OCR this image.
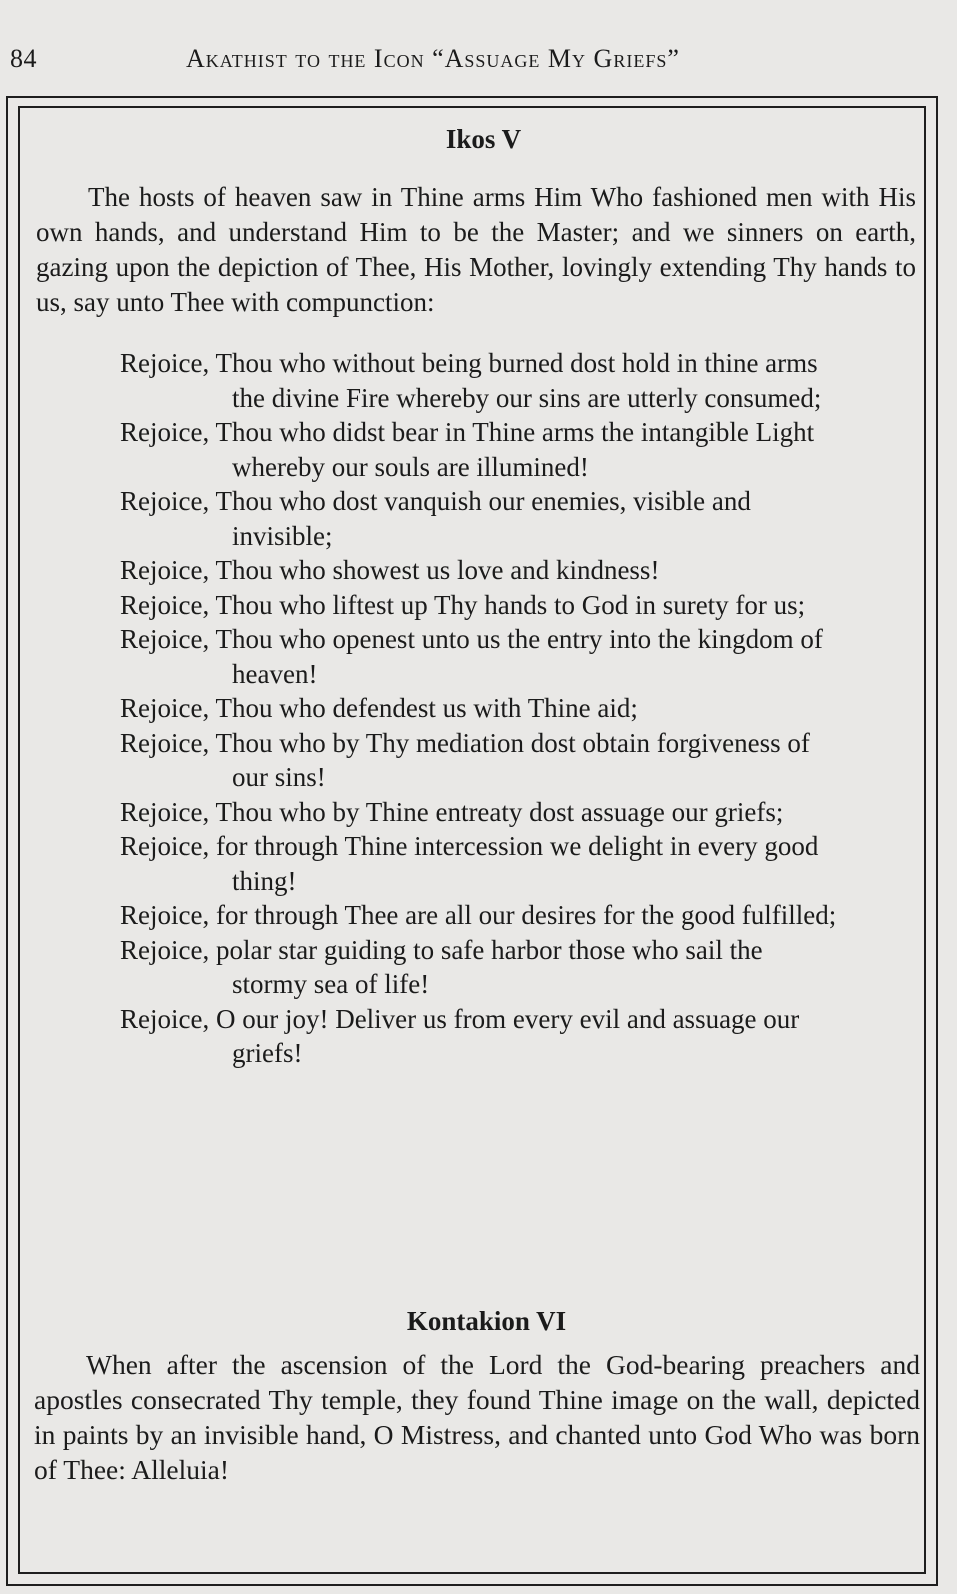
84	Akathist to the Icon “Assuage My Griefs”
Ikos V

The hosts of heaven saw in Thine arms Him Who fashioned men with His own hands, and understand Him to be the Master; and we sinners on earth, gazing upon the depiction of Thee, His Mother, lovingly extending Thy hands to us, say unto Thee with compunction:

Rejoice, Thou who without being burned dost hold in thine arms the divine Fire whereby our sins are utterly consumed;

Rejoice, Thou who didst bear in Thine arms the intangible Light whereby our souls are illumined!

Rejoice, Thou who dost vanquish our enemies, visible and invisible;

Rejoice, Thou who showest us love and kindness!

Rejoice, Thou who liftest up Thy hands to God in surety for us;

Rejoice, Thou who openest unto us the entry into the kingdom of heaven!

Rejoice, Thou who defendest us with Thine aid;

Rejoice, Thou who by Thy mediation dost obtain forgiveness of our sins!

Rejoice, Thou who by Thine entreaty dost assuage our griefs;

Rejoice, for through Thine intercession we delight in every good thing!

Rejoice, for through Thee are all our desires for the good fulfilled;

Rejoice, polar star guiding to safe harbor those who sail the stormy sea of life!

Rejoice, O our joy! Deliver us from every evil and assuage our griefs!

Kontakion VI

When after the ascension of the Lord the God-bearing preachers and apostles consecrated Thy temple, they found Thine image on the wall, depicted in paints by an invisible hand, O Mistress, and chanted unto God Who was born of Thee: Alleluia!
